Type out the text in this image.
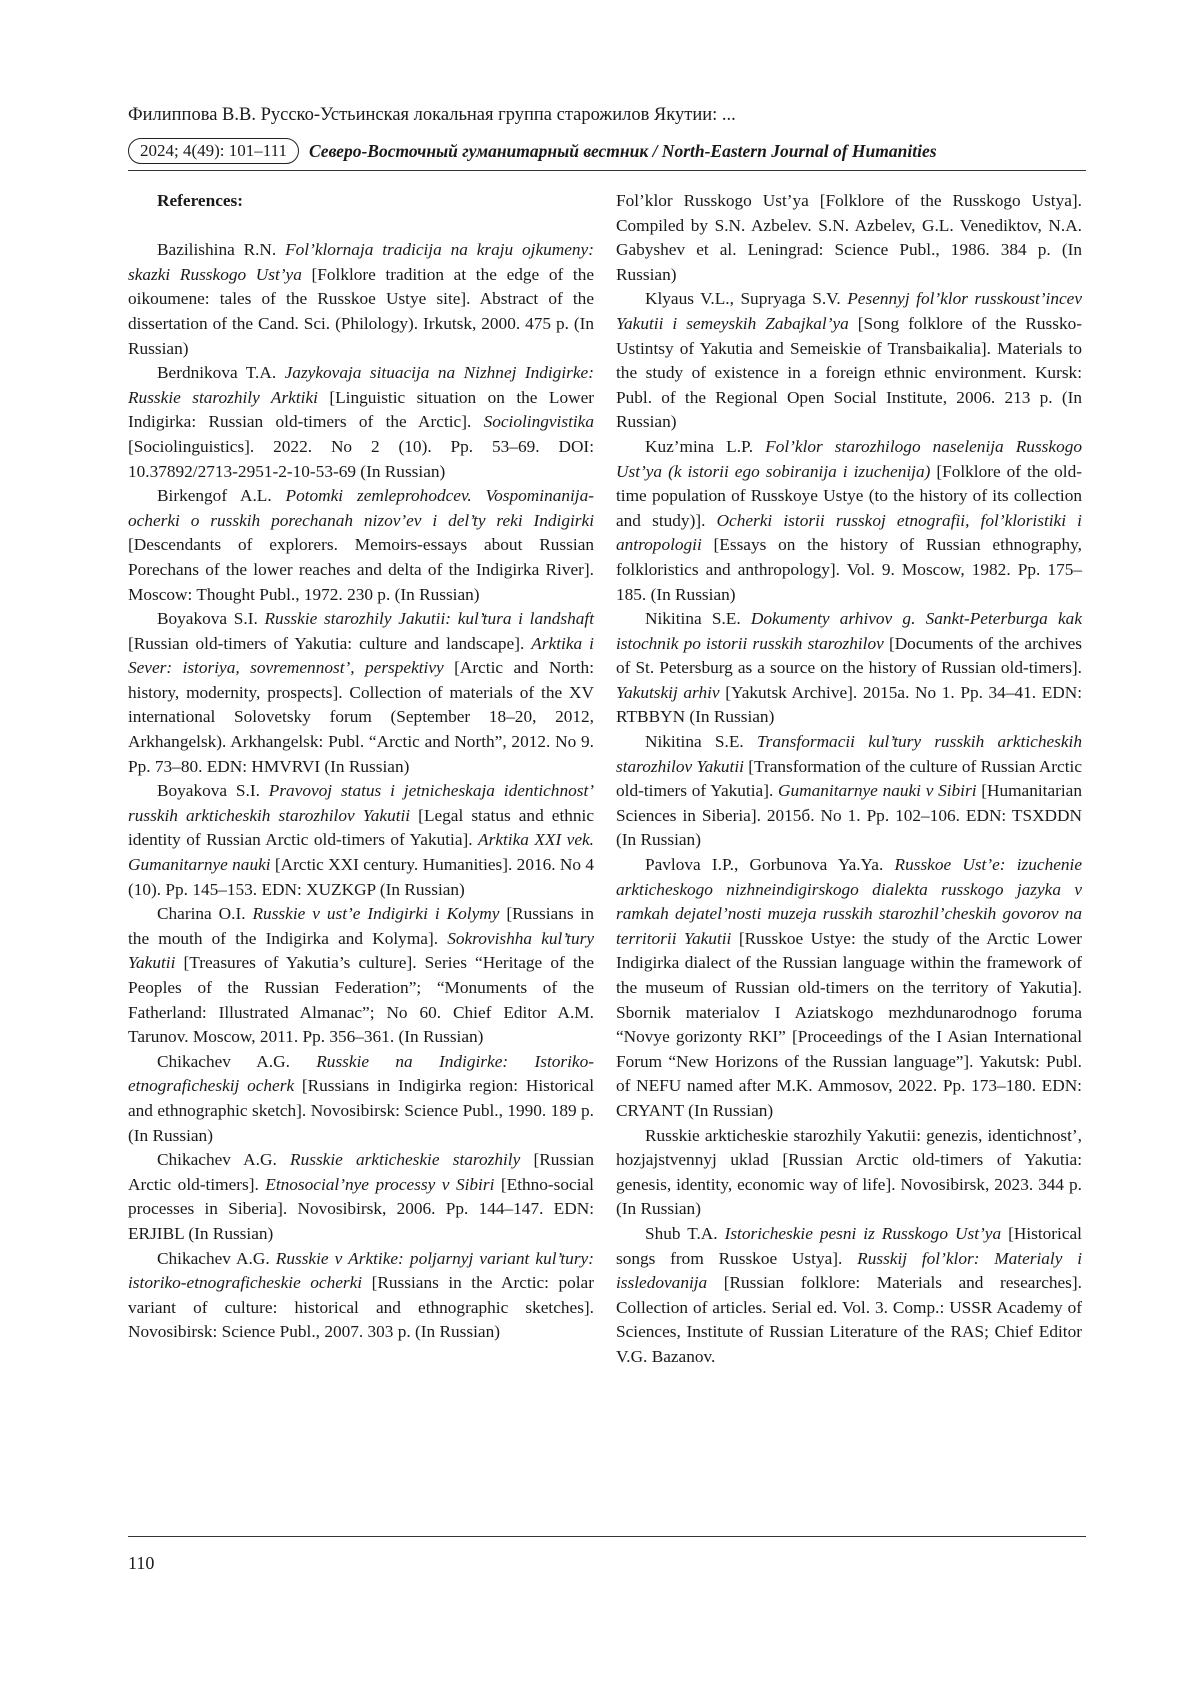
Филиппова В.В. Русско-Устьинская локальная группа старожилов Якутии: ...
2024; 4(49): 101–111	Северо-Восточный гуманитарный вестник / North-Eastern Journal of Humanities

References:

Bazilishina R.N. Fol’klornaja tradicija na kraju ojkumeny: skazki Russkogo Ust’ya [Folklore tradition at the edge of the oikoumene: tales of the Russkoe Ustye site]. Abstract of the dissertation of the Cand. Sci. (Philology). Irkutsk, 2000. 475 p. (In Russian)

Berdnikova T.A. Jazykovaja situacija na Nizhnej Indigirke: Russkie starozhily Arktiki [Linguistic situation on the Lower Indigirka: Russian old-timers of the Arctic]. Sociolingvistika [Sociolinguistics]. 2022. No 2 (10). Pp. 53–69. DOI: 10.37892/2713-2951-2-10-53-69 (In Russian)

Birkengof A.L. Potomki zemleprohodcev. Vospominanija-ocherki o russkih porechanah nizov’ev i del’ty reki Indigirki [Descendants of explorers. Memoirs-essays about Russian Porechans of the lower reaches and delta of the Indigirka River]. Moscow: Thought Publ., 1972. 230 p. (In Russian)

Boyakova S.I. Russkie starozhily Jakutii: kul’tura i landshaft [Russian old-timers of Yakutia: culture and landscape]. Arktika i Sever: istoriya, sovremennost’, perspektivy [Arctic and North: history, modernity, prospects]. Collection of materials of the XV international Solovetsky forum (September 18–20, 2012, Arkhangelsk). Arkhangelsk: Publ. “Arctic and North”, 2012. No 9. Pp. 73–80. EDN: HMVRVI (In Russian)

Boyakova S.I. Pravovoj status i jetnicheskaja identichnost’ russkih arkticheskih starozhilov Yakutii [Legal status and ethnic identity of Russian Arctic old-timers of Yakutia]. Arktika XXI vek. Gumanitarnye nauki [Arctic XXI century. Humanities]. 2016. No 4 (10). Pp. 145–153. EDN: XUZKGP (In Russian)

Charina O.I. Russkie v ust’e Indigirki i Kolymy [Russians in the mouth of the Indigirka and Kolyma]. Sokrovishha kul’tury Yakutii [Treasures of Yakutia’s culture]. Series “Heritage of the Peoples of the Russian Federation”; “Monuments of the Fatherland: Illustrated Almanac”; No 60. Chief Editor A.M. Tarunov. Moscow, 2011. Pp. 356–361. (In Russian)

Chikachev A.G. Russkie na Indigirke: Istoriko-etnograficheskij ocherk [Russians in Indigirka region: Historical and ethnographic sketch]. Novosibirsk: Science Publ., 1990. 189 p. (In Russian)

Chikachev A.G. Russkie arkticheskie starozhily [Russian Arctic old-timers]. Etnosocial’nye processy v Sibiri [Ethno-social processes in Siberia]. Novosibirsk, 2006. Pp. 144–147. EDN: ERJIBL (In Russian)

Chikachev A.G. Russkie v Arktike: poljarnyj variant kul’tury: istoriko-etnograficheskie ocherki [Russians in the Arctic: polar variant of culture: historical and ethnographic sketches]. Novosibirsk: Science Publ., 2007. 303 p. (In Russian)

Fol’klor Russkogo Ust’ya [Folklore of the Russkogo Ustya]. Compiled by S.N. Azbelev. S.N. Azbelev, G.L. Venediktov, N.A. Gabyshev et al. Leningrad: Science Publ., 1986. 384 p. (In Russian)

Klyaus V.L., Supryaga S.V. Pesennyj fol’klor russkoust’incev Yakutii i semeyskih Zabajkal’ya [Song folklore of the Russko-Ustintsy of Yakutia and Semeiskie of Transbaikalia]. Materials to the study of existence in a foreign ethnic environment. Kursk: Publ. of the Regional Open Social Institute, 2006. 213 p. (In Russian)

Kuz’mina L.P. Fol’klor starozhilogo naselenija Russkogo Ust’ya (k istorii ego sobiranija i izuchenija) [Folklore of the old-time population of Russkoye Ustye (to the history of its collection and study)]. Ocherki istorii russkoj etnografii, fol’kloristiki i antropologii [Essays on the history of Russian ethnography, folkloristics and anthropology]. Vol. 9. Moscow, 1982. Pp. 175–185. (In Russian)

Nikitina S.E. Dokumenty arhivov g. Sankt-Peterburga kak istochnik po istorii russkih starozhilov [Documents of the archives of St. Petersburg as a source on the history of Russian old-timers]. Yakutskij arhiv [Yakutsk Archive]. 2015a. No 1. Pp. 34–41. EDN: RTBBYN (In Russian)

Nikitina S.E. Transformacii kul’tury russkih arkticheskih starozhilov Yakutii [Transformation of the culture of Russian Arctic old-timers of Yakutia]. Gumanitarnye nauki v Sibiri [Humanitarian Sciences in Siberia]. 2015б. No 1. Pp. 102–106. EDN: TSXDDN (In Russian)

Pavlova I.P., Gorbunova Ya.Ya. Russkoe Ust’e: izuchenie arkticheskogo nizhneindigirskogo dialekta russkogo jazyka v ramkah dejatel’nosti muzeja russkih starozhil’cheskih govorov na territorii Yakutii [Russkoe Ustye: the study of the Arctic Lower Indigirka dialect of the Russian language within the framework of the museum of Russian old-timers on the territory of Yakutia]. Sbornik materialov I Aziatskogo mezhdunarodnogo foruma “Novye gorizonty RKI” [Proceedings of the I Asian International Forum “New Horizons of the Russian language”]. Yakutsk: Publ. of NEFU named after M.K. Ammosov, 2022. Pp. 173–180. EDN: CRYANT (In Russian)

Russkie arkticheskie starozhily Yakutii: genezis, identichnost’, hozjajstvennyj uklad [Russian Arctic old-timers of Yakutia: genesis, identity, economic way of life]. Novosibirsk, 2023. 344 p. (In Russian)

Shub T.A. Istoricheskie pesni iz Russkogo Ust’ya [Historical songs from Russkoe Ustya]. Russkij fol’klor: Materialy i issledovanija [Russian folklore: Materials and researches]. Collection of articles. Serial ed. Vol. 3. Comp.: USSR Academy of Sciences, Institute of Russian Literature of the RAS; Chief Editor V.G. Bazanov.

110
